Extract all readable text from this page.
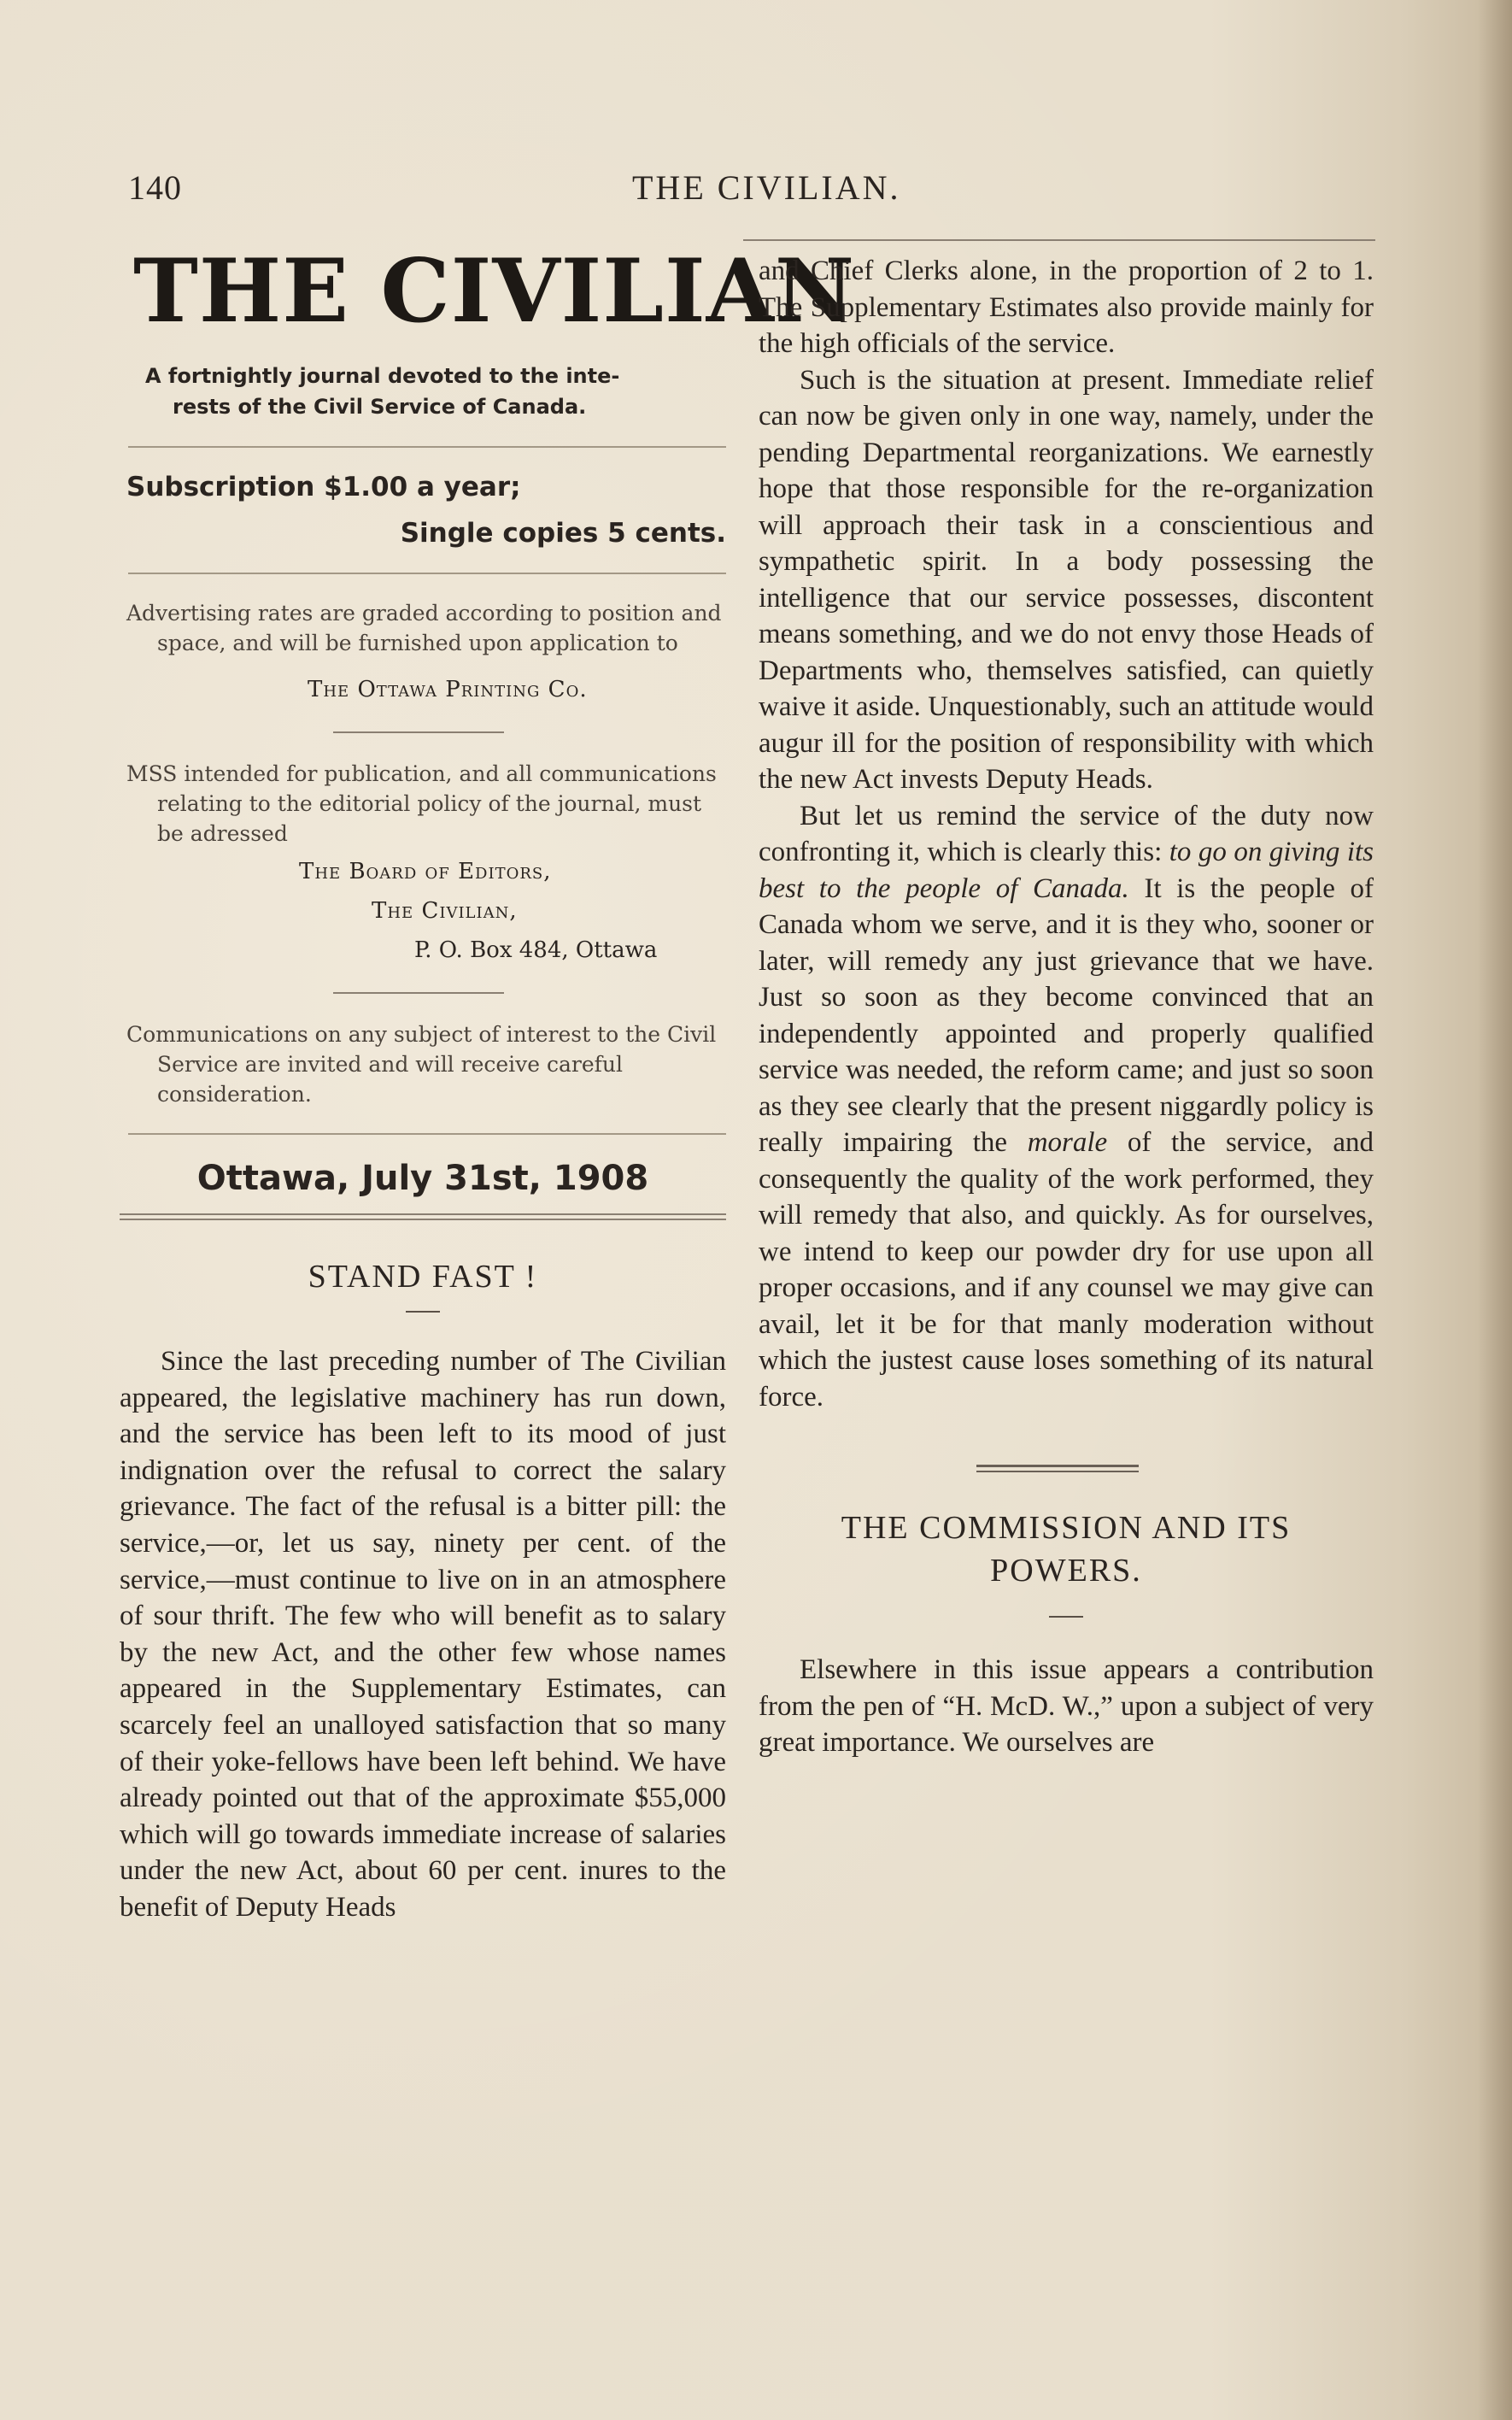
140	THE CIVILIAN.
THE CIVILIAN
A fortnightly journal devoted to the inte-
rests of the Civil Service of Canada.
Subscription $1.00 a year;
Single copies 5 cents.
Advertising rates are graded according to position and space, and will be furnished upon application to
The Ottawa Printing Co.
MSS intended for publication, and all communications relating to the editorial policy of the journal, must be adressed
The Board of Editors,
The Civilian,
P. O. Box 484, Ottawa
Communications on any subject of interest to the Civil Service are invited and will receive careful consideration.
Ottawa, July 31st, 1908
STAND FAST !

Since the last preceding number of The Civilian appeared, the legislative machinery has run down, and the service has been left to its mood of just indignation over the refusal to correct the salary grievance. The fact of the refusal is a bitter pill: the service,—or, let us say, ninety per cent. of the service,—must continue to live on in an atmosphere of sour thrift. The few who will benefit as to salary by the new Act, and the other few whose names appeared in the Supplementary Estimates, can scarcely feel an unalloyed satisfaction that so many of their yoke-fellows have been left behind. We have already pointed out that of the approximate $55,000 which will go towards immediate increase of salaries under the new Act, about 60 per cent. inures to the benefit of Deputy Heads

and Chief Clerks alone, in the proportion of 2 to 1. The Supplementary Estimates also provide mainly for the high officials of the service.

Such is the situation at present. Immediate relief can now be given only in one way, namely, under the pending Departmental reorganizations. We earnestly hope that those responsible for the re-organization will approach their task in a conscientious and sympathetic spirit. In a body possessing the intelligence that our service possesses, discontent means something, and we do not envy those Heads of Departments who, themselves satisfied, can quietly waive it aside. Unquestionably, such an attitude would augur ill for the position of responsibility with which the new Act invests Deputy Heads.

But let us remind the service of the duty now confronting it, which is clearly this: to go on giving its best to the people of Canada. It is the people of Canada whom we serve, and it is they who, sooner or later, will remedy any just grievance that we have. Just so soon as they become convinced that an independently appointed and properly qualified service was needed, the reform came; and just so soon as they see clearly that the present niggardly policy is really impairing the morale of the service, and consequently the quality of the work performed, they will remedy that also, and quickly. As for ourselves, we intend to keep our powder dry for use upon all proper occasions, and if any counsel we may give can avail, let it be for that manly moderation without which the justest cause loses something of its natural force.

THE COMMISSION AND ITS
POWERS.

Elsewhere in this issue appears a contribution from the pen of “H. McD. W.,” upon a subject of very great importance. We ourselves are
